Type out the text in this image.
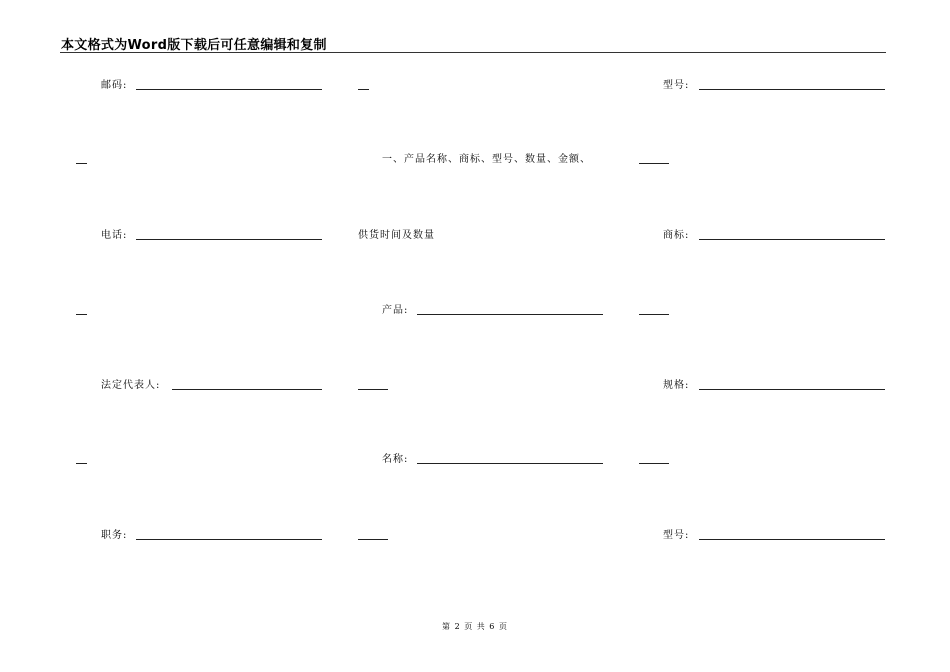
本文格式为Word版下载后可任意编辑和复制
邮码:	型号:
一、产品名称、商标、型号、数量、金额、
电话:	供货时间及数量	商标:
产品:
法定代表人:	规格:
名称:
职务:	型号:
第 2 页 共 6 页
